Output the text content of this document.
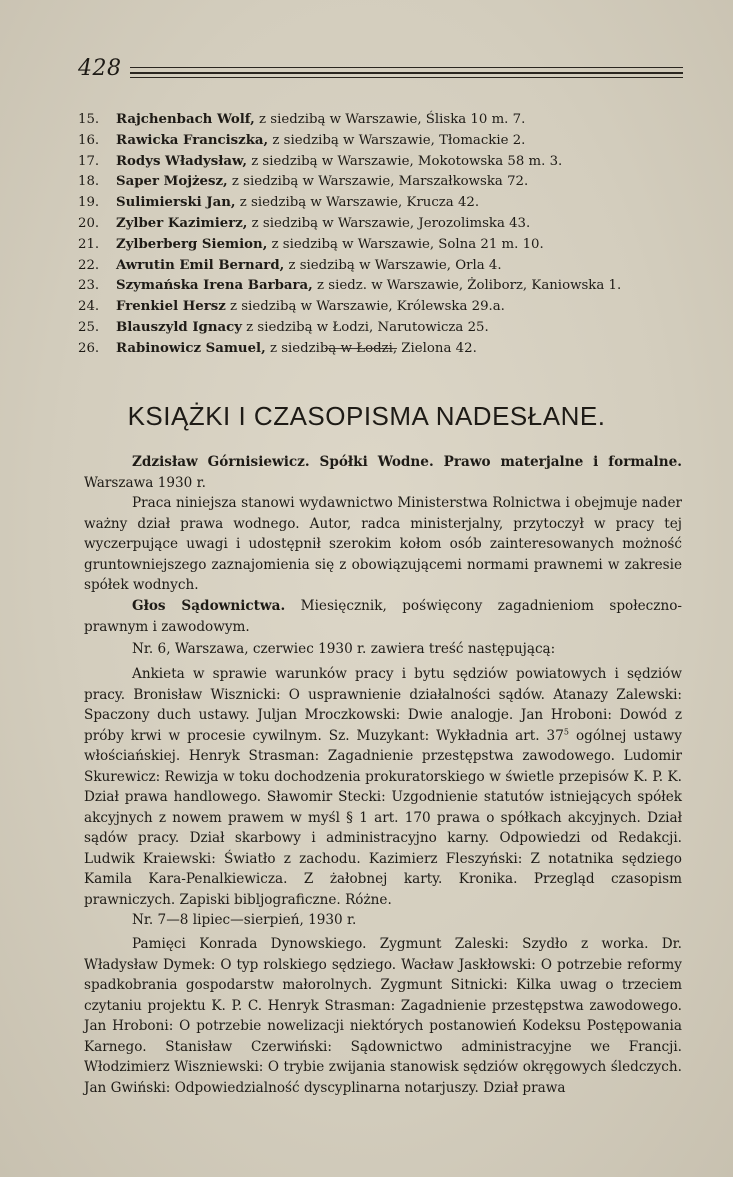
428
15. Rajchenbach Wolf, z siedzibą w Warszawie, Śliska 10 m. 7.
16. Rawicka Franciszka, z siedzibą w Warszawie, Tłomackie 2.
17. Rodys Władysław, z siedzibą w Warszawie, Mokotowska 58 m. 3.
18. Saper Mojżesz, z siedzibą w Warszawie, Marszałkowska 72.
19. Sulimierski Jan, z siedzibą w Warszawie, Krucza 42.
20. Zylber Kazimierz, z siedzibą w Warszawie, Jerozolimska 43.
21. Zylberberg Siemion, z siedzibą w Warszawie, Solna 21 m. 10.
22. Awrutin Emil Bernard, z siedzibą w Warszawie, Orla 4.
23. Szymańska Irena Barbara, z siedz. w Warszawie, Żoliborz, Kaniowska 1.
24. Frenkiel Hersz z siedzibą w Warszawie, Królewska 29.a.
25. Blauszyld Ignacy z siedzibą w Łodzi, Narutowicza 25.
26. Rabinowicz Samuel, z siedzibą w Łodzi, Zielona 42.
KSIĄŻKI I CZASOPISMA NADESŁANE.

Zdzisław Górnisiewicz. Spółki Wodne. Prawo materjalne i formalne.

Warszawa 1930 r.

Praca niniejsza stanowi wydawnictwo Ministerstwa Rolnictwa i obejmuje nader ważny dział prawa wodnego. Autor, radca ministerjalny, przytoczył w pracy tej wyczerpujące uwagi i udostępnił szerokim kołom osób zainteresowanych możność gruntowniejszego zaznajomienia się z obowiązującemi normami prawnemi w zakresie spółek wodnych.

Głos Sądownictwa. Miesięcznik, poświęcony zagadnieniom społeczno-prawnym i zawodowym.

Nr. 6, Warszawa, czerwiec 1930 r. zawiera treść następującą:

Ankieta w sprawie warunków pracy i bytu sędziów powiatowych i sędziów pracy. Bronisław Wisznicki: O usprawnienie działalności sądów. Atanazy Zalewski: Spaczony duch ustawy. Juljan Mroczkowski: Dwie analogje. Jan Hroboni: Dowód z próby krwi w procesie cywilnym. Sz. Muzykant: Wykładnia art. $37^5$ ogólnej ustawy włościańskiej. Henryk Strasman: Zagadnienie przestępstwa zawodowego. Ludomir Skurewicz: Rewizja w toku dochodzenia prokuratorskiego w świetle przepisów K. P. K. Dział prawa handlowego. Sławomir Stecki: Uzgodnienie statutów istniejących spółek akcyjnych z nowem prawem w myśl § 1 art. 170 prawa o spółkach akcyjnych. Dział sądów pracy. Dział skarbowy i administracyjno karny. Odpowiedzi od Redakcji. Ludwik Kraiewski: Światło z zachodu. Kazimierz Fleszyński: Z notatnika sędziego Kamila Kara-Penalkiewicza. Z żałobnej karty. Kronika. Przegląd czasopism prawniczych. Zapiski bibljograficzne. Różne.

Nr. 7—8 lipiec—sierpień, 1930 r.

Pamięci Konrada Dynowskiego. Zygmunt Zaleski: Szydło z worka. Dr. Władysław Dymek: O typ rolskiego sędziego. Wacław Jaskłowski: O potrzebie reformy spadkobrania gospodarstw małorolnych. Zygmunt Sitnicki: Kilka uwag o trzeciem czytaniu projektu K. P. C. Henryk Strasman: Zagadnienie przestępstwa zawodowego. Jan Hroboni: O potrzebie nowelizacji niektórych postanowień Kodeksu Postępowania Karnego. Stanisław Czerwiński: Sądownictwo administracyjne we Francji. Włodzimierz Wiszniewski: O trybie zwijania stanowisk sędziów okręgowych śledczych. Jan Gwiński: Odpowiedzialność dyscyplinarna notarjuszy. Dział prawa
